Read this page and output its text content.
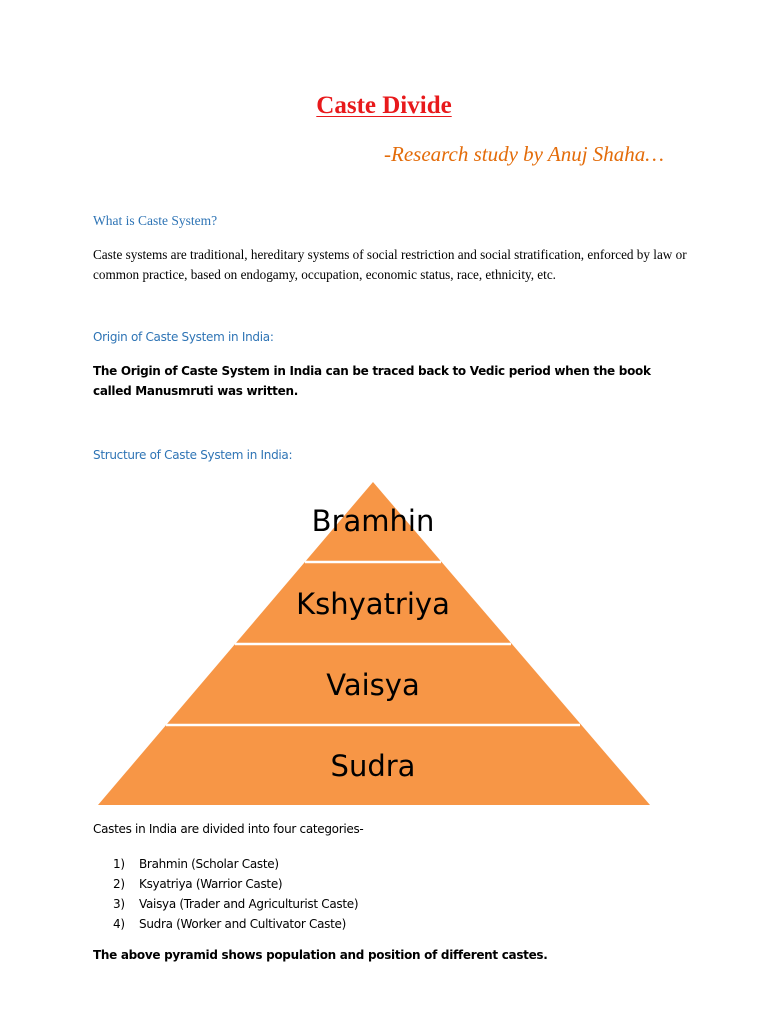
Caste Divide
-Research study by Anuj Shaha…
What is Caste System?
Caste systems are traditional, hereditary systems of social restriction and social stratification, enforced by law or common practice, based on endogamy, occupation, economic status, race, ethnicity, etc.
Origin of Caste System in India:
The Origin of Caste System in India can be traced back to Vedic period when the book called Manusmruti was written.
Structure of Caste System in India:
Bramhin
Kshyatriya
Vaisya
Sudra
Castes in India are divided into four categories-
1) Brahmin (Scholar Caste)
2) Ksyatriya (Warrior Caste)
3) Vaisya (Trader and Agriculturist Caste)
4) Sudra (Worker and Cultivator Caste)
The above pyramid shows population and position of different castes.
